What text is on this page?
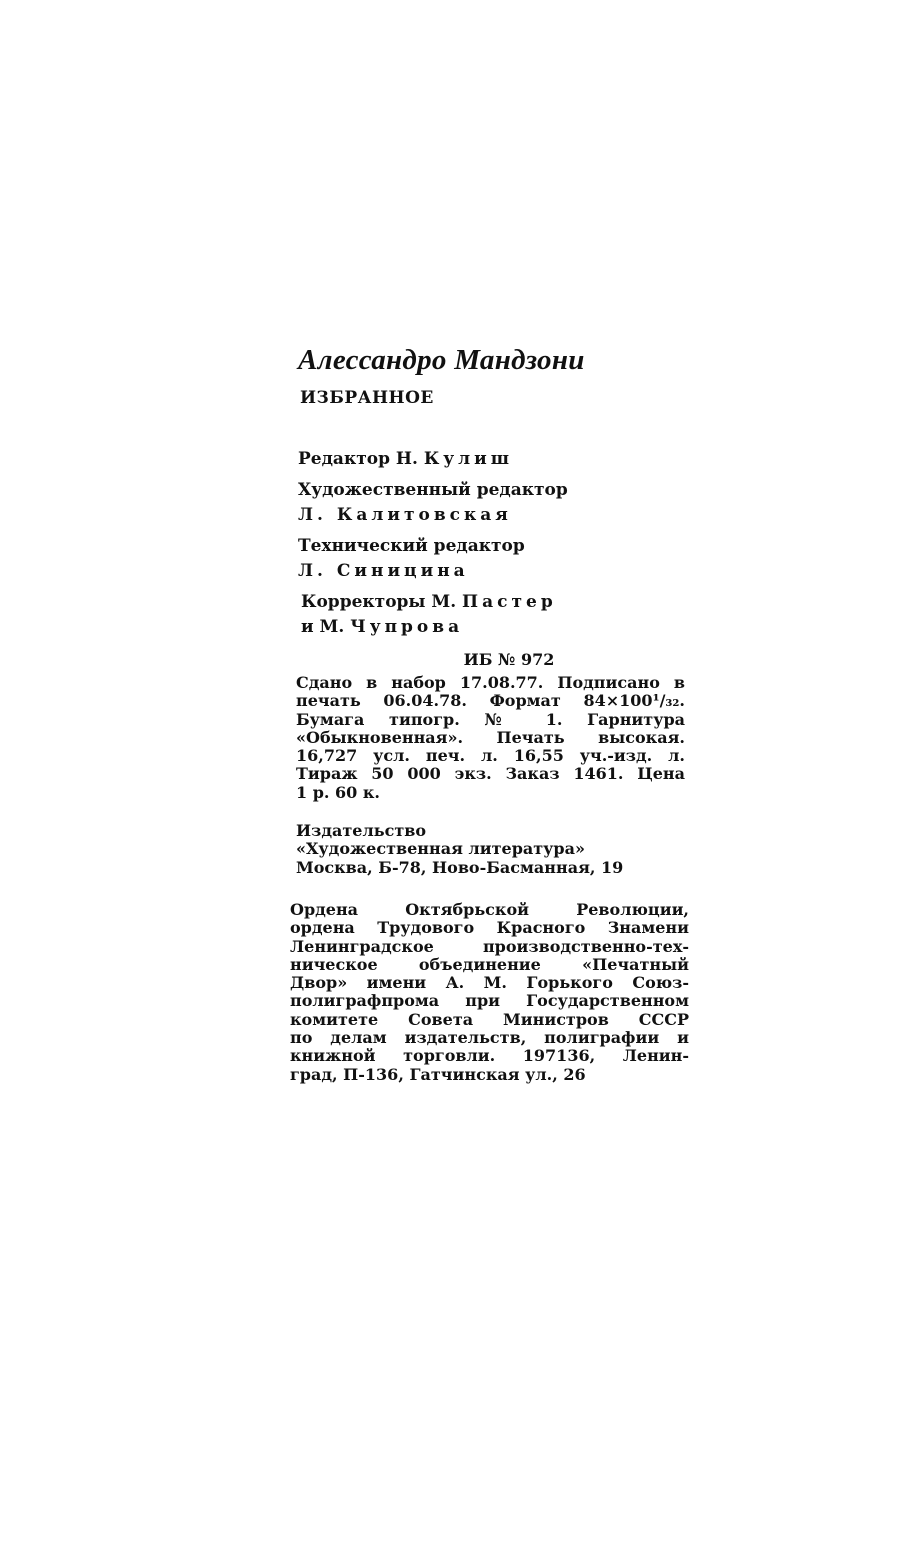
Алессандро Мандзони
ИЗБРАННОЕ
Редактор Н. Кулиш
Художественный редактор
Л. Калитовская
Технический редактор
Л. Синицина
Корректоры М. Пастер
и М. Чупрова
ИБ № 972
Сдано в набор 17.08.77. Подписано в
печать 06.04.78. Формат 84×100¹/₃₂.
Бумага типогр. № 1. Гарнитура
«Обыкновенная». Печать высокая.
16,727 усл. печ. л. 16,55 уч.-изд. л.
Тираж 50 000 экз. Заказ 1461. Цена
1 р. 60 к.
Издательство
«Художественная литература»
Москва, Б-78, Ново-Басманная, 19
Ордена Октябрьской Революции,
ордена Трудового Красного Знамени
Ленинградское производственно-тех-
ническое объединение «Печатный
Двор» имени А. М. Горького Союз-
полиграфпрома при Государственном
комитете Совета Министров СССР
по делам издательств, полиграфии и
книжной торговли. 197136, Ленин-
град, П-136, Гатчинская ул., 26
